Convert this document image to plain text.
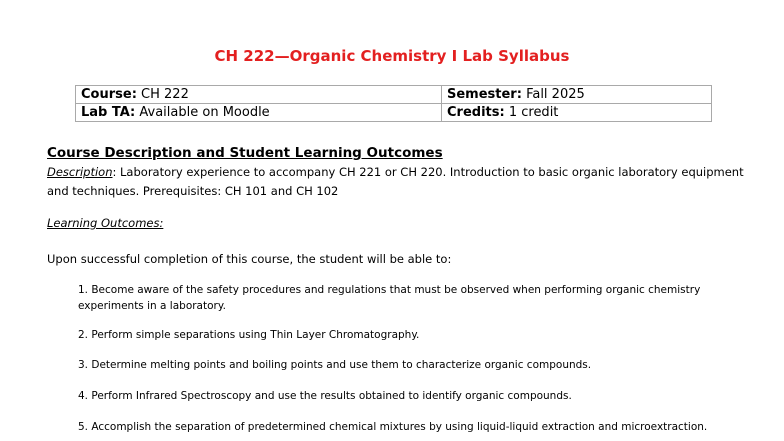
CH 222—Organic Chemistry I Lab Syllabus
Course: CH 222	Semester: Fall 2025
Lab TA: Available on Moodle	Credits: 1 credit
Course Description and Student Learning Outcomes
Description: Laboratory experience to accompany CH 221 or CH 220. Introduction to basic organic laboratory equipment and techniques. Prerequisites: CH 101 and CH 102
Learning Outcomes:
Upon successful completion of this course, the student will be able to:
1. Become aware of the safety procedures and regulations that must be observed when performing organic chemistry experiments in a laboratory.
2. Perform simple separations using Thin Layer Chromatography.
3. Determine melting points and boiling points and use them to characterize organic compounds.
4. Perform Infrared Spectroscopy and use the results obtained to identify organic compounds.
5. Accomplish the separation of predetermined chemical mixtures by using liquid-liquid extraction and microextraction.
